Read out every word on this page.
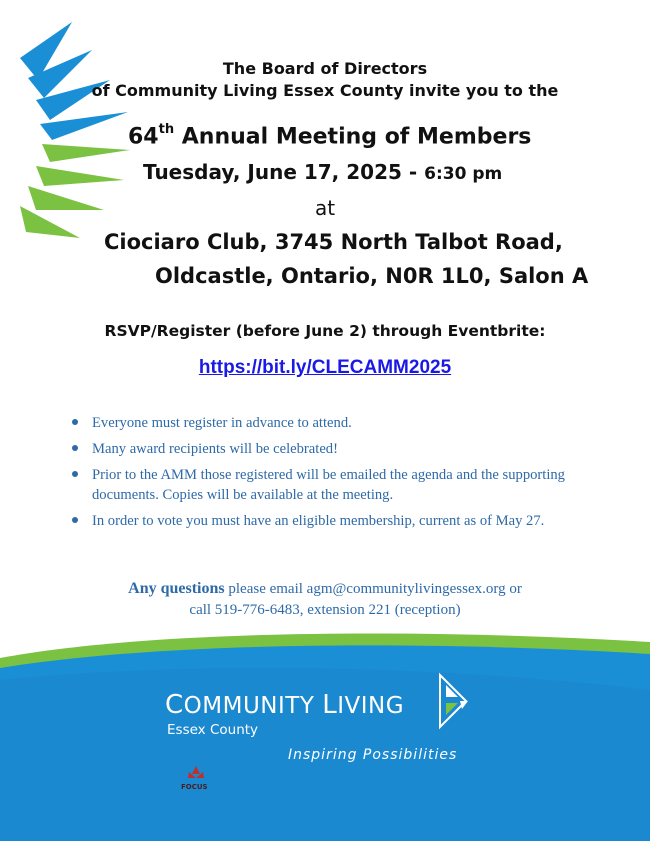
The Board of Directors
of Community Living Essex County invite you to the
64th Annual Meeting of Members
Tuesday, June 17, 2025 - 6:30 pm
at
Ciociaro Club, 3745 North Talbot Road,
Oldcastle, Ontario, N0R 1L0, Salon A
RSVP/Register (before June 2) through Eventbrite:
https://bit.ly/CLECAMM2025
Everyone must register in advance to attend.
Many award recipients will be celebrated!
Prior to the AMM those registered will be emailed the agenda and the supporting documents. Copies will be available at the meeting.
In order to vote you must have an eligible membership, current as of May 27.
Any questions please email agm@communitylivingessex.org or
call 519-776-6483, extension 221 (reception)
COMMUNITY LIVING
Essex County
Inspiring Possibilities
FOCUS
